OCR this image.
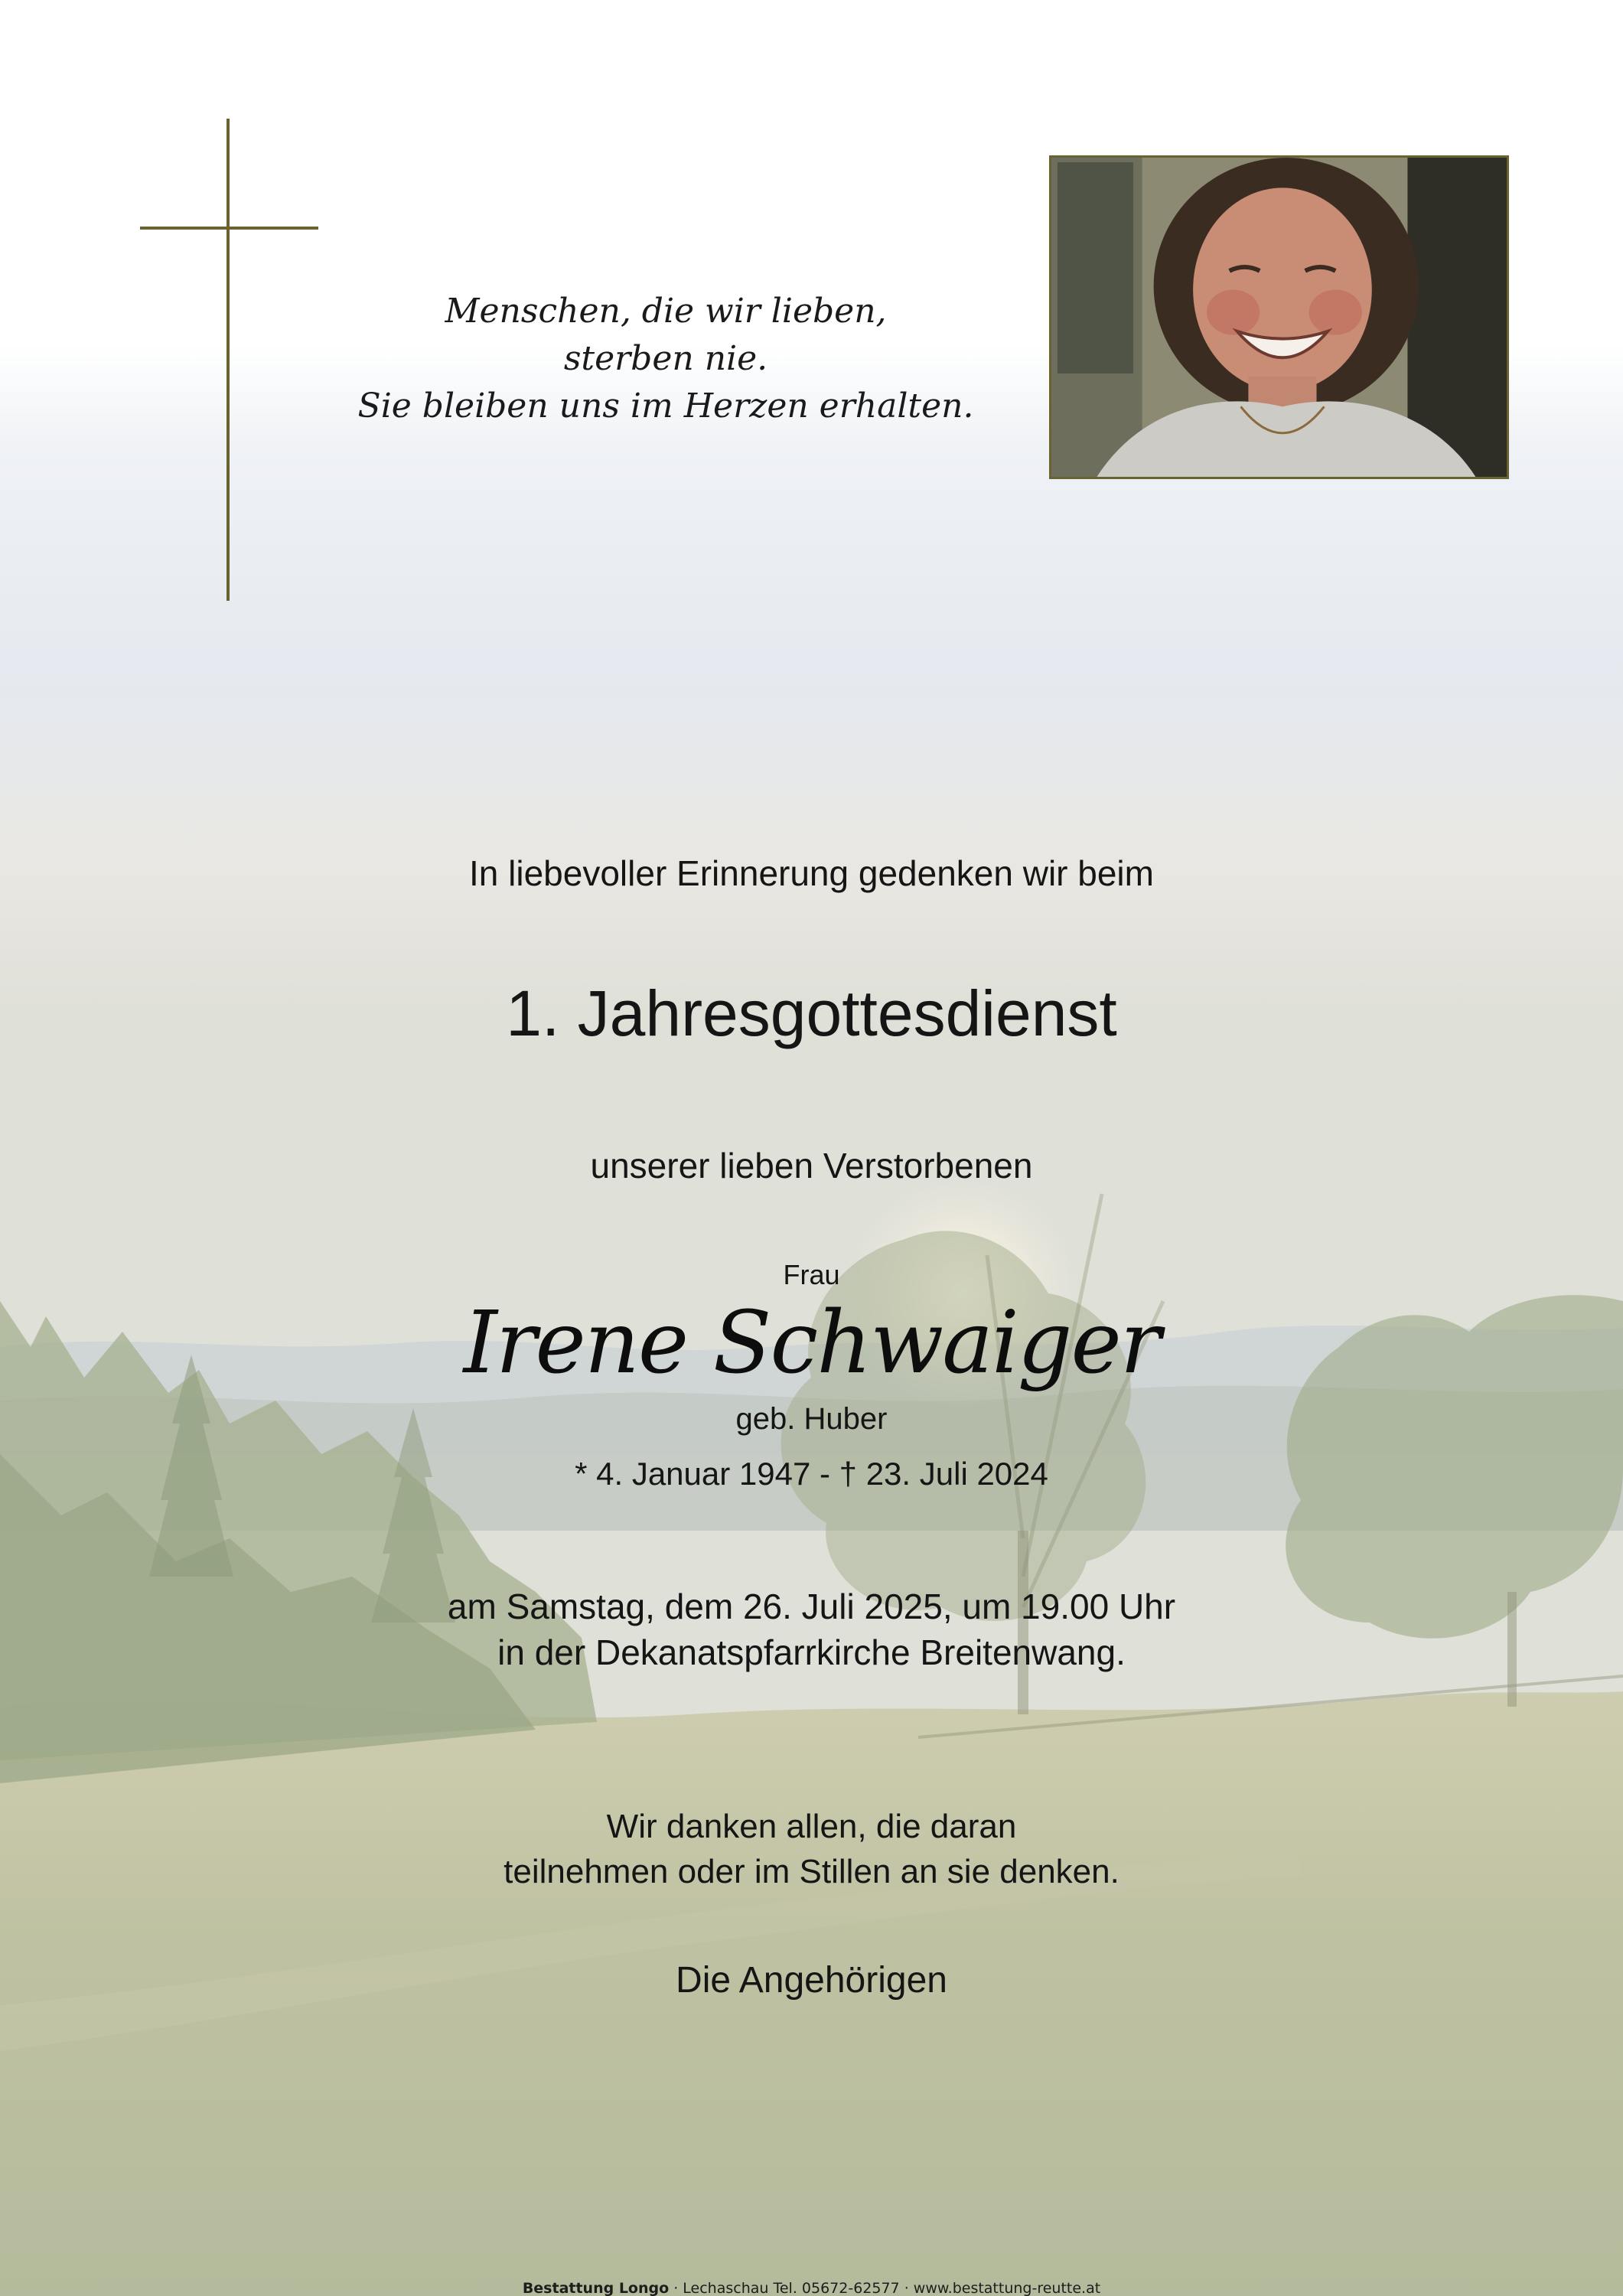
Menschen, die wir lieben,
sterben nie.
Sie bleiben uns im Herzen erhalten.
In liebevoller Erinnerung gedenken wir beim
1. Jahresgottesdienst
unserer lieben Verstorbenen
Frau
Irene Schwaiger
geb. Huber
* 4. Januar 1947 - † 23. Juli 2024
am Samstag, dem 26. Juli 2025, um 19.00 Uhr
in der Dekanatspfarrkirche Breitenwang.
Wir danken allen, die daran
teilnehmen oder im Stillen an sie denken.
Die Angehörigen
Bestattung Longo · Lechaschau Tel. 05672-62577 · www.bestattung-reutte.at
